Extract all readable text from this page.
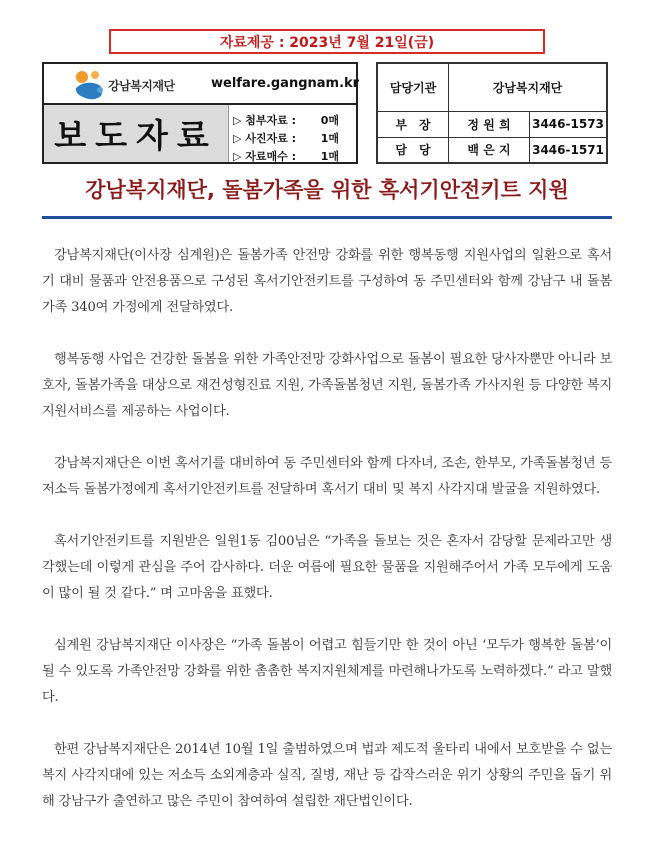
자료제공 : 2023년 7월 21일(금)
강남복지재단	welfare.gangnam.kr
보도자료	▷ 첨부자료 : 0매
▷ 사진자료 : 1매
▷ 자료매수 : 1매
담당기관	강남복지재단	
부　장	정 원 희	3446-1573
담　당	백 은 지	3446-1571
강남복지재단, 돌봄가족을 위한 혹서기안전키트 지원

강남복지재단(이사장 심계원)은 돌봄가족 안전망 강화를 위한 행복동행 지원사업의 일환으로 혹서기 대비 물품과 안전용품으로 구성된 혹서기안전키트를 구성하여 동 주민센터와 함께 강남구 내 돌봄 가족 340여 가정에게 전달하였다.

행복동행 사업은 건강한 돌봄을 위한 가족안전망 강화사업으로 돌봄이 필요한 당사자뿐만 아니라 보호자, 돌봄가족을 대상으로 재건성형진료 지원, 가족돌봄청년 지원, 돌봄가족 가사지원 등 다양한 복지지원서비스를 제공하는 사업이다.

강남복지재단은 이번 혹서기를 대비하여 동 주민센터와 함께 다자녀, 조손, 한부모, 가족돌봄청년 등 저소득 돌봄가정에게 혹서기안전키트를 전달하며 혹서기 대비 및 복지 사각지대 발굴을 지원하였다.

혹서기안전키트를 지원받은 일원1동 김00님은 “가족을 돌보는 것은 혼자서 감당할 문제라고만 생각했는데 이렇게 관심을 주어 감사하다. 더운 여름에 필요한 물품을 지원해주어서 가족 모두에게 도움이 많이 될 것 같다.” 며 고마움을 표했다.

심계원 강남복지재단 이사장은 “가족 돌봄이 어렵고 힘들기만 한 것이 아닌 ‘모두가 행복한 돌봄’이 될 수 있도록 가족안전망 강화를 위한 촘촘한 복지지원체계를 마련해나가도록 노력하겠다.” 라고 말했다.

한편 강남복지재단은 2014년 10월 1일 출범하였으며 법과 제도적 울타리 내에서 보호받을 수 없는 복지 사각지대에 있는 저소득 소외계층과 실직, 질병, 재난 등 갑작스러운 위기 상황의 주민을 돕기 위해 강남구가 출연하고 많은 주민이 참여하여 설립한 재단법인이다.
